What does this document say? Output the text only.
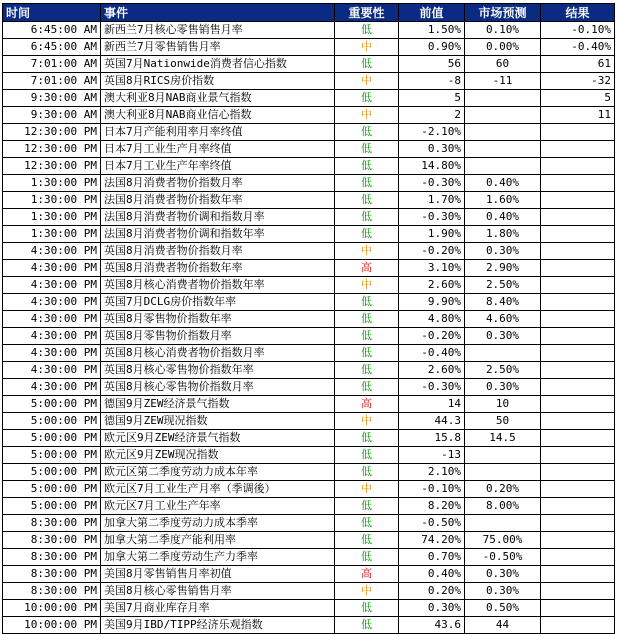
时间	事件	重要性	前值	市场预测	结果
6:45:00 AM	新西兰7月核心零售销售月率	低	1.50%	0.10%	-0.10%
6:45:00 AM	新西兰7月零售销售月率	中	0.90%	0.00%	-0.40%
7:01:00 AM	英国7月Nationwide消费者信心指数	低	56	60	61
7:01:00 AM	英国8月RICS房价指数	中	-8	-11	-32
9:30:00 AM	澳大利亚8月NAB商业景气指数	低	5		5
9:30:00 AM	澳大利亚8月NAB商业信心指数	中	2		11
12:30:00 PM	日本7月产能利用率月率终值	低	-2.10%		
12:30:00 PM	日本7月工业生产月率终值	低	0.30%		
12:30:00 PM	日本7月工业生产年率终值	低	14.80%		
1:30:00 PM	法国8月消费者物价指数月率	低	-0.30%	0.40%	
1:30:00 PM	法国8月消费者物价指数年率	低	1.70%	1.60%	
1:30:00 PM	法国8月消费者物价调和指数月率	低	-0.30%	0.40%	
1:30:00 PM	法国8月消费者物价调和指数年率	低	1.90%	1.80%	
4:30:00 PM	英国8月消费者物价指数月率	中	-0.20%	0.30%	
4:30:00 PM	英国8月消费者物价指数年率	高	3.10%	2.90%	
4:30:00 PM	英国8月核心消费者物价指数年率	中	2.60%	2.50%	
4:30:00 PM	英国7月DCLG房价指数年率	低	9.90%	8.40%	
4:30:00 PM	英国8月零售物价指数年率	低	4.80%	4.60%	
4:30:00 PM	英国8月零售物价指数月率	低	-0.20%	0.30%	
4:30:00 PM	英国8月核心消费者物价指数月率	低	-0.40%		
4:30:00 PM	英国8月核心零售物价指数年率	低	2.60%	2.50%	
4:30:00 PM	英国8月核心零售物价指数月率	低	-0.30%	0.30%	
5:00:00 PM	德国9月ZEW经济景气指数	高	14	10	
5:00:00 PM	德国9月ZEW现况指数	中	44.3	50	
5:00:00 PM	欧元区9月ZEW经济景气指数	低	15.8	14.5	
5:00:00 PM	欧元区9月ZEW现况指数	低	-13		
5:00:00 PM	欧元区第二季度劳动力成本年率	低	2.10%		
5:00:00 PM	欧元区7月工业生产月率（季调後）	中	-0.10%	0.20%	
5:00:00 PM	欧元区7月工业生产年率	低	8.20%	8.00%	
8:30:00 PM	加拿大第二季度劳动力成本季率	低	-0.50%		
8:30:00 PM	加拿大第二季度产能利用率	低	74.20%	75.00%	
8:30:00 PM	加拿大第二季度劳动生产力季率	低	0.70%	-0.50%	
8:30:00 PM	美国8月零售销售月率初值	高	0.40%	0.30%	
8:30:00 PM	美国8月核心零售销售月率	中	0.20%	0.30%	
10:00:00 PM	美国7月商业库存月率	低	0.30%	0.50%	
10:00:00 PM	美国9月IBD/TIPP经济乐观指数	低	43.6	44	
